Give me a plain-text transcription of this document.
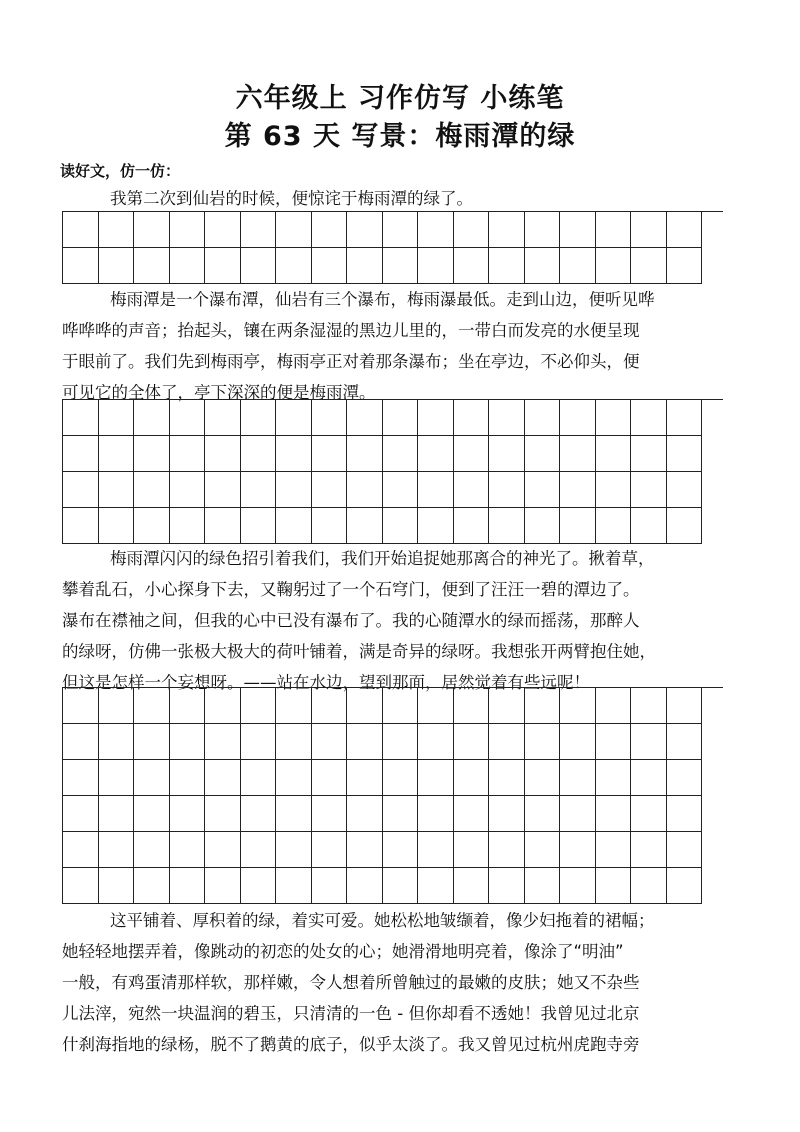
六年级上 习作仿写 小练笔
第 63 天 写景：梅雨潭的绿
读好文，仿一仿：
我第二次到仙岩的时候，便惊诧于梅雨潭的绿了。
梅雨潭是一个瀑布潭，仙岩有三个瀑布，梅雨瀑最低。走到山边，便听见哗
哗哗哗的声音；抬起头，镶在两条湿湿的黑边儿里的，一带白而发亮的水便呈现
于眼前了。我们先到梅雨亭，梅雨亭正对着那条瀑布；坐在亭边，不必仰头，便
可见它的全体了，亭下深深的便是梅雨潭。
梅雨潭闪闪的绿色招引着我们，我们开始追捉她那离合的神光了。揪着草，
攀着乱石，小心探身下去，又鞠躬过了一个石穹门，便到了汪汪一碧的潭边了。
瀑布在襟袖之间，但我的心中已没有瀑布了。我的心随潭水的绿而摇荡，那醉人
的绿呀，仿佛一张极大极大的荷叶铺着，满是奇异的绿呀。我想张开两臂抱住她，
但这是怎样一个妄想呀。——站在水边，望到那面，居然觉着有些远呢！
这平铺着、厚积着的绿，着实可爱。她松松地皱缬着，像少妇拖着的裙幅；
她轻轻地摆弄着，像跳动的初恋的处女的心；她滑滑地明亮着，像涂了“明油”
一般，有鸡蛋清那样软，那样嫩，令人想着所曾触过的最嫩的皮肤；她又不杂些
儿法滓，宛然一块温润的碧玉，只清清的一色 - 但你却看不透她！我曾见过北京
什刹海指地的绿杨，脱不了鹅黄的底子，似乎太淡了。我又曾见过杭州虎跑寺旁
